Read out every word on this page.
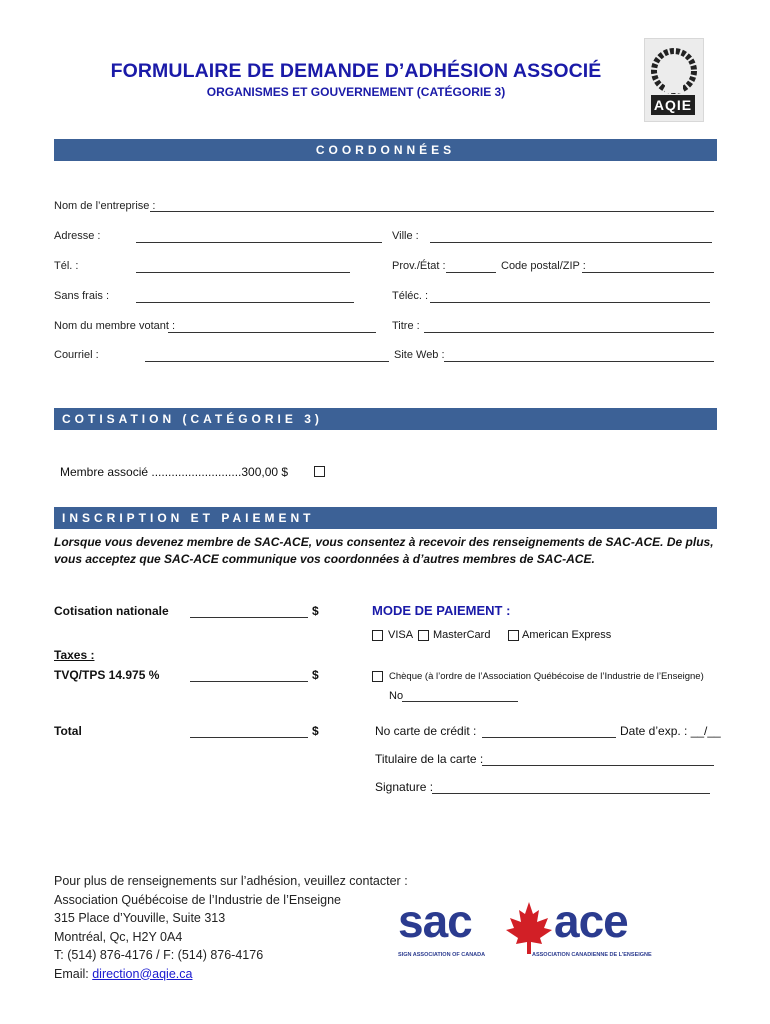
FORMULAIRE DE DEMANDE D’ADHÉSION ASSOCIÉ
ORGANISMES ET GOUVERNEMENT (CATÉGORIE 3)
AQIE
COORDONNÉES
Nom de l’entreprise :
Adresse :	Ville :
Tél. :	Prov./État :	Code postal/ZIP :
Sans frais :	Téléc. :
Nom du membre votant :	Titre :
Courriel :	Site Web :
COTISATION (CATÉGORIE 3)
Membre associé ...........................300,00 $
INSCRIPTION ET PAIEMENT
Lorsque vous devenez membre de SAC-ACE, vous consentez à recevoir des renseignements de SAC-ACE. De plus, vous acceptez que SAC-ACE communique vos coordonnées à d’autres membres de SAC-ACE.
Cotisation nationale	$
Taxes :
TVQ/TPS 14.975 %	$
Total	$
MODE DE PAIEMENT :
VISA MasterCard	American Express
Chèque (à l’ordre de l’Association Québécoise de l’Industrie de l’Enseigne)
No
No carte de crédit :	Date d’exp. : __/__
Titulaire de la carte :
Signature :
Pour plus de renseignements sur l’adhésion, veuillez contacter :
Association Québécoise de l’Industrie de l’Enseigne
315 Place d’Youville, Suite 313
Montréal, Qc, H2Y 0A4
T: (514) 876-4176 / F: (514) 876-4176
Email: direction@aqie.ca
sac ace
SIGN ASSOCIATION OF CANADA	ASSOCIATION CANADIENNE DE L’ENSEIGNE
